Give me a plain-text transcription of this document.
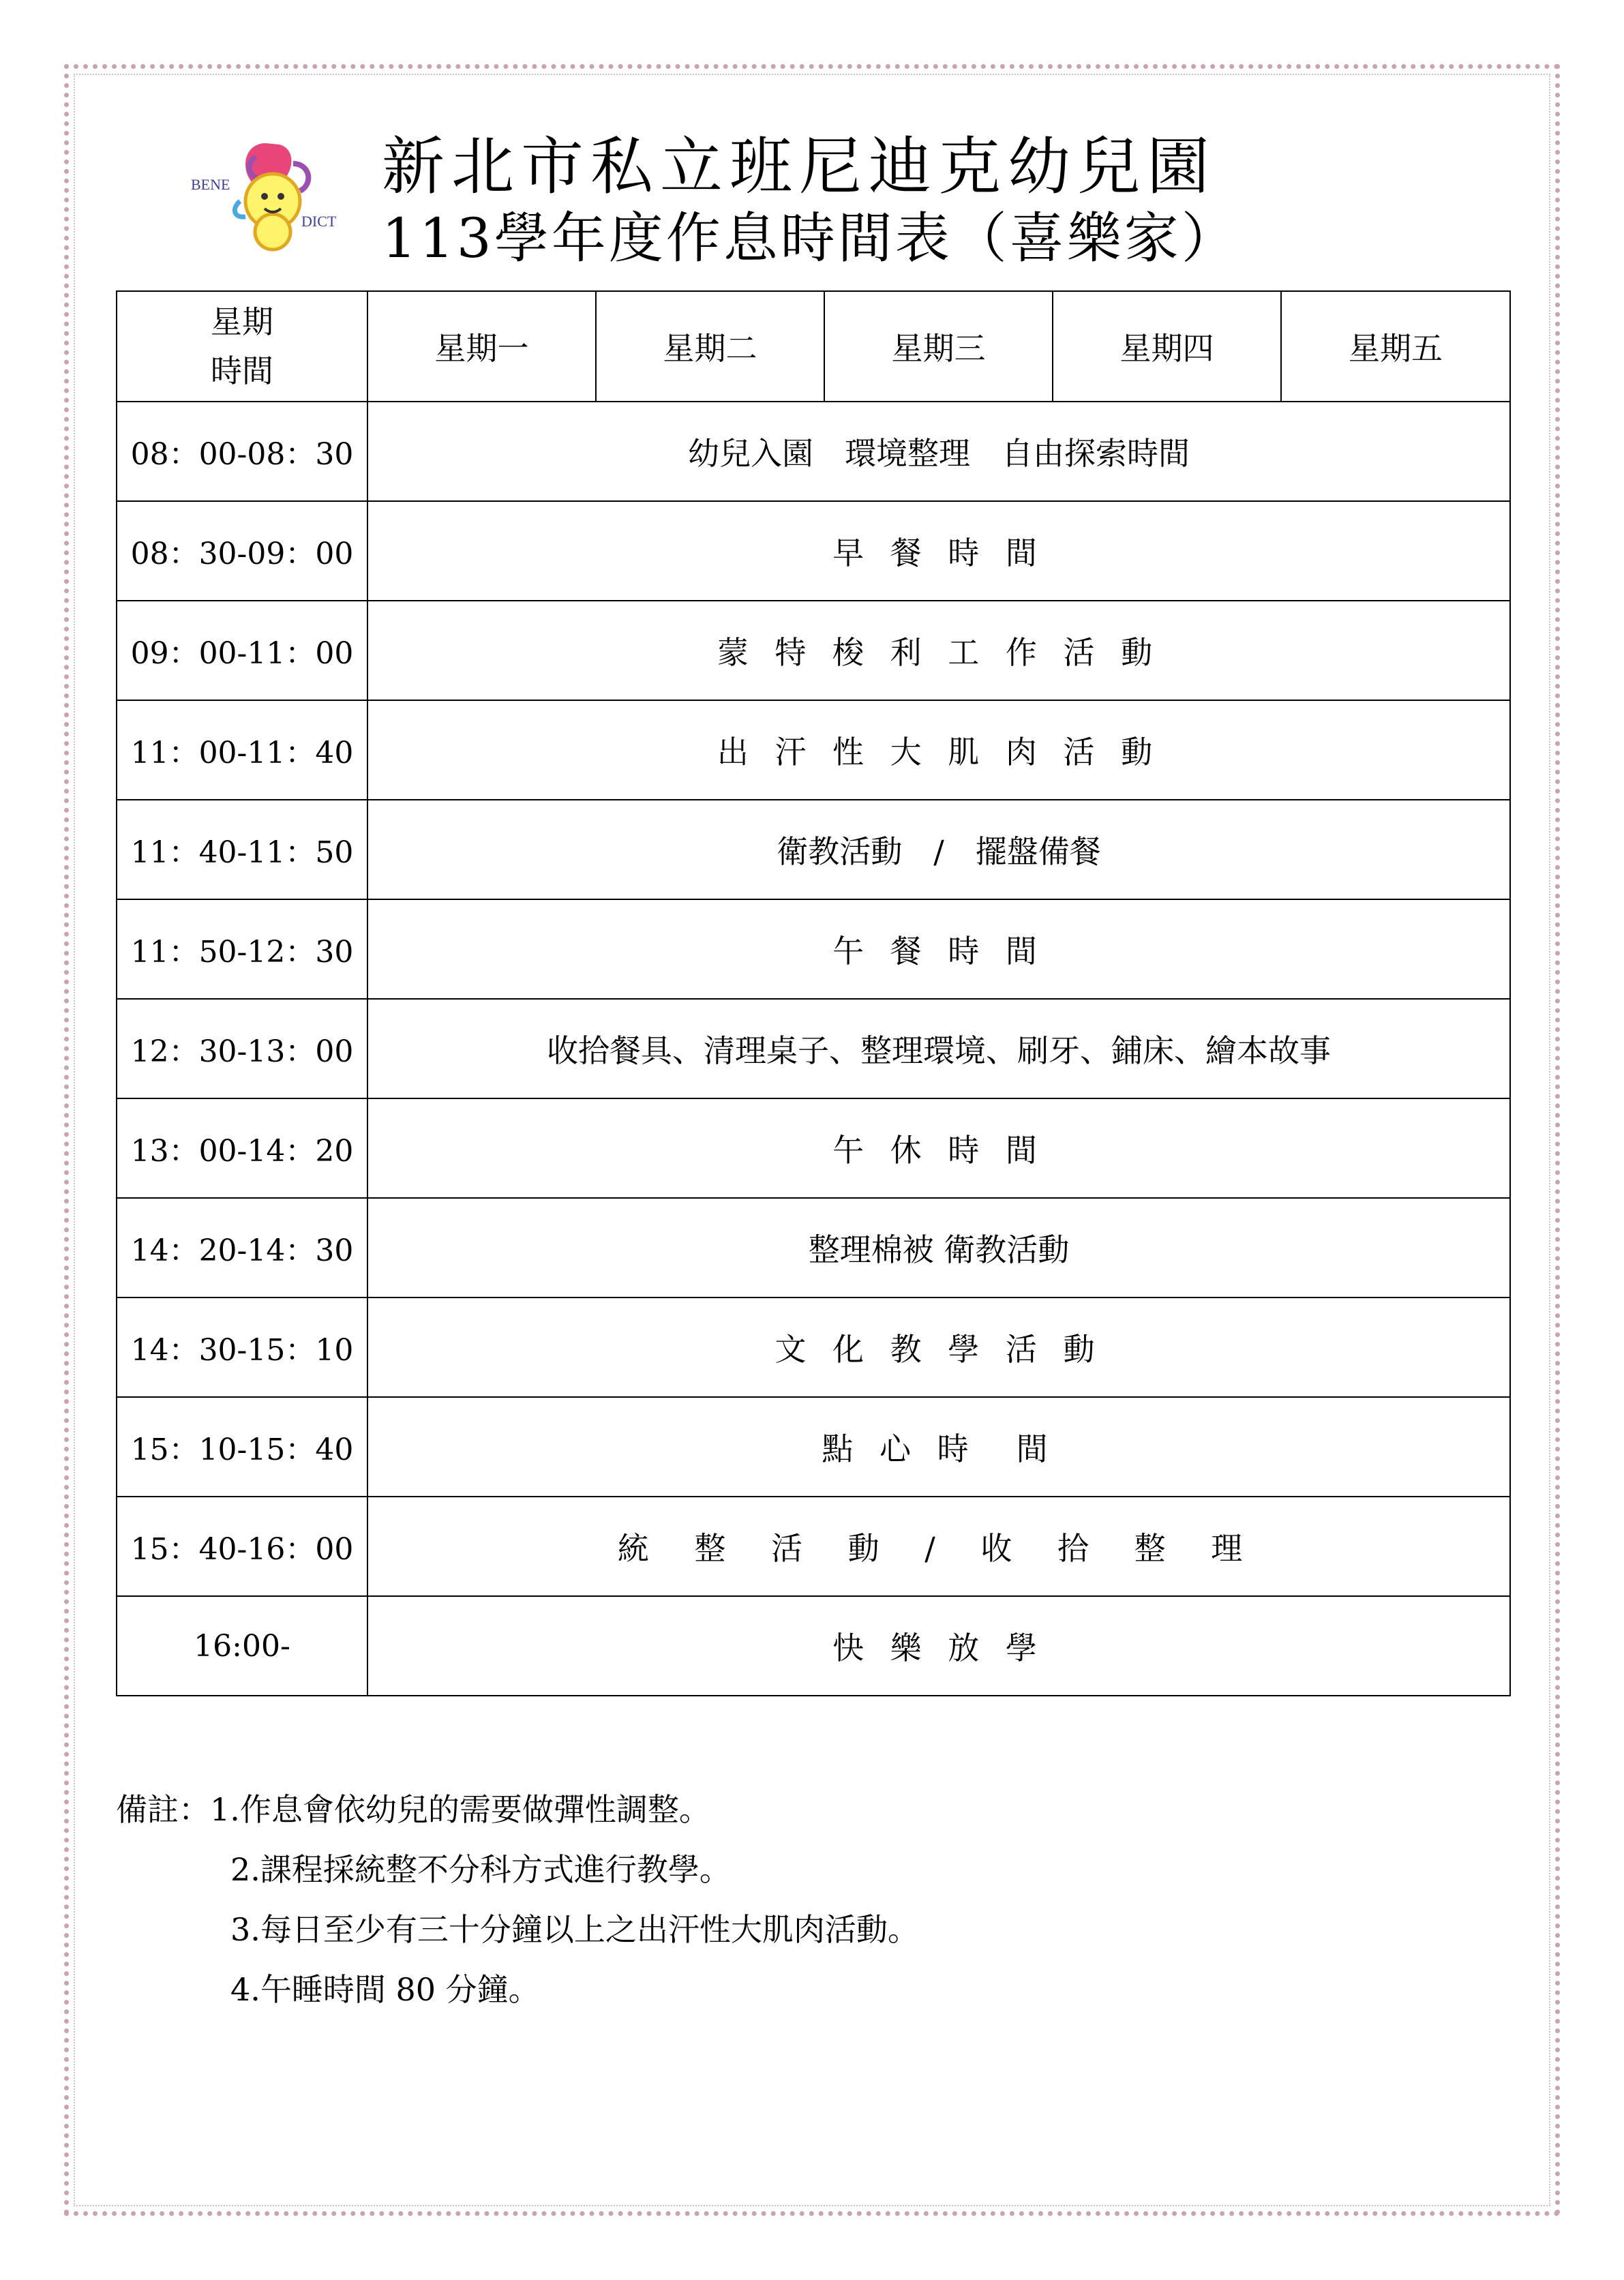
BENE
DICT
新北市私立班尼迪克幼兒園
113學年度作息時間表（喜樂家）
星期
時間	星期一	星期二	星期三	星期四	星期五
08：00-08：30	幼兒入園　環境整理　自由探索時間				
08：30-09：00	早 餐 時 間				
09：00-11：00	蒙 特 梭 利 工 作 活 動				
11：00-11：40	出 汗 性 大 肌 肉 活 動				
11：40-11：50	衛教活動　/　擺盤備餐				
11：50-12：30	午 餐 時 間				
12：30-13：00	收拾餐具、清理桌子、整理環境、刷牙、鋪床、繪本故事				
13：00-14：20	午 休 時 間				
14：20-14：30	整理棉被 衛教活動				
14：30-15：10	文 化 教 學 活 動				
15：10-15：40	點 心 時　間				
15：40-16：00	統 整 活 動 / 收 拾 整 理				
16:00-	快 樂 放 學				
備註：1.作息會依幼兒的需要做彈性調整。
2.課程採統整不分科方式進行教學。
3.每日至少有三十分鐘以上之出汗性大肌肉活動。
4.午睡時間 80 分鐘。
